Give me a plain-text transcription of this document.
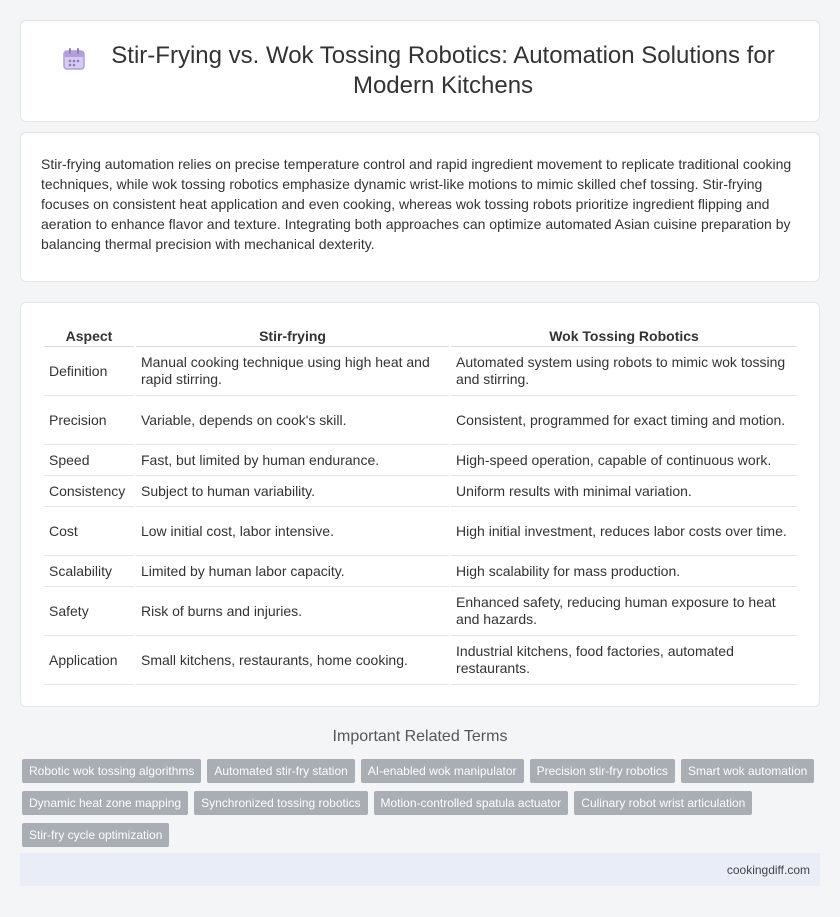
Stir-Frying vs. Wok Tossing Robotics: Automation Solutions for Modern Kitchens

Stir-frying automation relies on precise temperature control and rapid ingredient movement to replicate traditional cooking techniques, while wok tossing robotics emphasize dynamic wrist-like motions to mimic skilled chef tossing. Stir-frying focuses on consistent heat application and even cooking, whereas wok tossing robots prioritize ingredient flipping and aeration to enhance flavor and texture. Integrating both approaches can optimize automated Asian cuisine preparation by balancing thermal precision with mechanical dexterity.

Aspect	Stir-frying	Wok Tossing Robotics
Definition	Manual cooking technique using high heat and rapid stirring.	Automated system using robots to mimic wok tossing and stirring.
Precision	Variable, depends on cook's skill.	Consistent, programmed for exact timing and motion.
Speed	Fast, but limited by human endurance.	High-speed operation, capable of continuous work.
Consistency	Subject to human variability.	Uniform results with minimal variation.
Cost	Low initial cost, labor intensive.	High initial investment, reduces labor costs over time.
Scalability	Limited by human labor capacity.	High scalability for mass production.
Safety	Risk of burns and injuries.	Enhanced safety, reducing human exposure to heat and hazards.
Application	Small kitchens, restaurants, home cooking.	Industrial kitchens, food factories, automated restaurants.
Important Related Terms
Robotic wok tossing algorithms	Automated stir-fry station	AI-enabled wok manipulator	Precision stir-fry robotics	Smart wok automation
Dynamic heat zone mapping	Synchronized tossing robotics	Motion-controlled spatula actuator	Culinary robot wrist articulation
Stir-fry cycle optimization
cookingdiff.com
